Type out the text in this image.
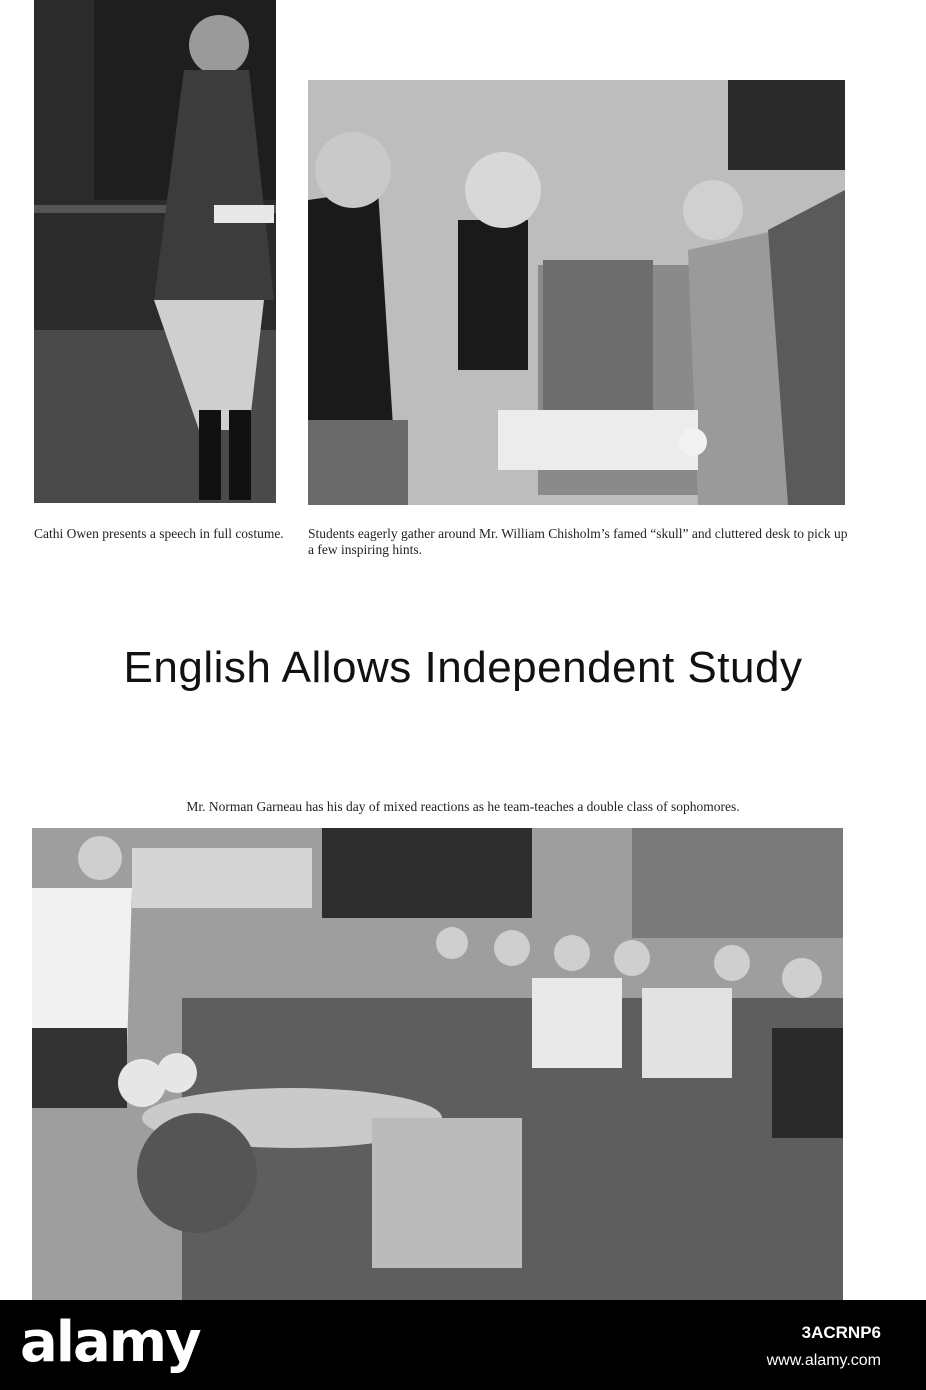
Cathi Owen presents a speech in full costume. Students eagerly gather around Mr. William Chisholm’s famed “skull” and cluttered desk to pick up a few inspiring hints.
English Allows Independent Study
Mr. Norman Garneau has his day of mixed reactions as he team-teaches a double class of sophomores.
alamy	3ACRNP6
www.alamy.com
